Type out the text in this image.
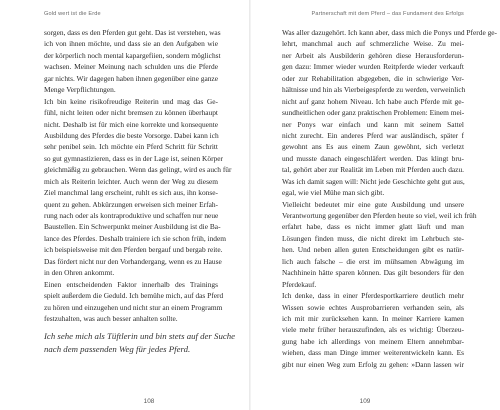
Gold wert ist die Erde
sorgen, dass es den Pferden gut geht. Das ist verstehen, was
ich von ihnen möchte, und dass sie an den Aufgaben wie
der körperlich noch mental kapargefiien, sondern möglichst
wachsen. Meiner Meinung nach schulden uns die Pferde
gar nichts. Wir dagegen haben ihnen gegenüber eine ganze
Menge Verpflichtungen.
Ich bin keine risikofreudige Reiterin und mag das Ge-
fühl, nicht leiten oder nicht bremsen zu können überhaupt
nicht. Deshalb ist für mich eine korrekte und konsequente
Ausbildung des Pferdes die beste Vorsorge. Dabei kann ich
sehr penibel sein. Ich möchte ein Pferd Schritt für Schritt
so gut gymnastizieren, dass es in der Lage ist, seinen Körper
gleichmäßig zu gebrauchen. Wenn das gelingt, wird es auch für
mich als Reiterin leichter. Auch wenn der Weg zu diesem
Ziel manchmal lang erscheint, ruhlt es sich aus, ihn konse-
quent zu gehen. Abkürzungen erweisen sich meiner Erfah-
rung nach oder als kontraproduktive und schaffen nur neue
Baustellen. Ein Schwerpunkt meiner Ausbildung ist die Ba-
lance des Pferdes. Deshalb trainiere ich sie schon früh, indem
ich beispielsweise mit den Pferden bergauf und bergab reite.
Das fördert nicht nur den Vorhandergang, wenn es zu Hause
in den Ohren ankommt.
Einen entscheidenden Faktor innerhalb des Trainings
spielt außerdem die Geduld. Ich bemühe mich, auf das Pferd
zu hören und einzugehen und nicht stur an einem Programm
festzuhalten, was auch besser anhalten sollte.
Ich sehe mich als Tüftlerin und bin stets auf der Suche
nach dem passenden Weg für jedes Pferd.
108
Partnerschaft mit dem Pferd – das Fundament des Erfolgs
Was aller dazugehört. Ich kann aber, dass mich die Ponys und Pferde ge-
lehrt, manchmal auch auf schmerzliche Weise. Zu mei-
ner Arbeit als Ausbilderin gehören diese Herausforderun-
gen dazu: Immer wieder wurden Reitpferde wieder verkauft
oder zur Rehabilitation abgegeben, die in schwierige Ver-
hältnisse und hin als Vierbeigespferde zu werden, verweinlich
nicht auf ganz hohem Niveau. Ich habe auch Pferde mit ge-
sundheitlichen oder ganz praktischen Problemen: Einem mei-
ner Ponys war einfach und kann mit seinem Sattel
nicht zurecht. Ein anderes Pferd war ausländisch, später f
gewohnt ans Es aus einem Zaun gewöhnt, sich verletzt
und musste danach eingeschläfert werden. Das klingt bru-
tal, gehört aber zur Realität im Leben mit Pferden auch dazu.
Was ich damit sagen will: Nicht jede Geschichte geht gut aus,
egal, wie viel Mühe man sich gibt.
Vielleicht bedeutet mir eine gute Ausbildung und unsere
Verantwortung gegenüber den Pferden heute so viel, weil ich früh
erfahrt habe, dass es nicht immer glatt läuft und man
Lösungen finden muss, die nicht direkt im Lehrbuch ste-
hen. Und neben allen guten Entscheidungen gibt es natür-
lich auch falsche – die erst im mühsamen Abwägung im
Nachhinein hätte sparen können. Das gilt besonders für den
Pferdekauf.
Ich denke, dass in einer Pferdesportkarriere deutlich mehr
Wissen sowie echtes Ausprobarrieren verhanden sein, als
ich mit mir zurücksehen kann. In meiner Karriere kamen
viele mehr früher herauszufinden, als es wichtig: Überzeu-
gung habe ich allerdings von meinem Eltern annehmbar-
wiehen, dass man Dinge immer weiterentwickeln kann. Es
gibt nur einen Weg zum Erfolg zu gehen: »Dann lassen wir
109
